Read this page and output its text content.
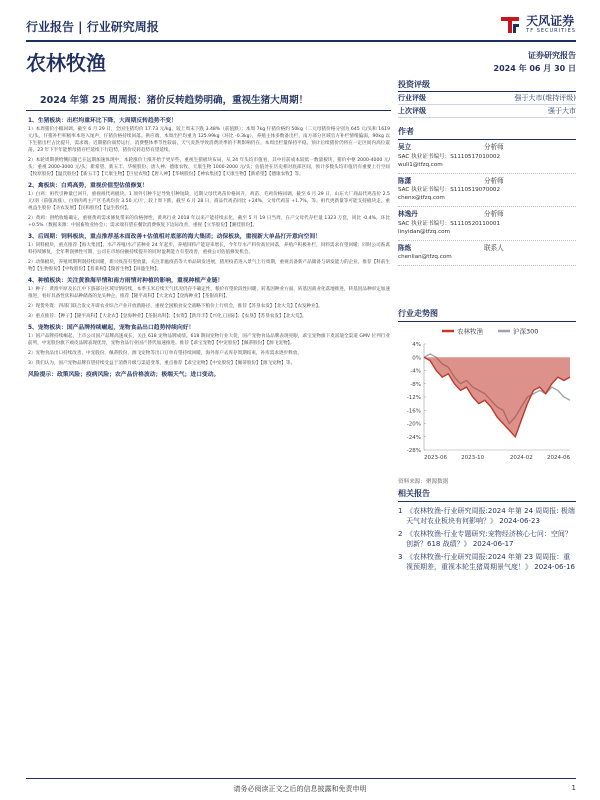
行业报告 | 行业研究周报	天风证券
TF SECURITIES
农林牧渔	证券研究报告
2024 年 06 月 30 日
2024 年第 25 周周报：猪价反转趋势明确，重视生猪大周期！
1、生猪板块：出栏均重环比下降，大周期反转趋势不变！
1）本周猪价小幅回调。截至 6 月 29 日，全国生猪均价 17.73 元/kg，较上周末下跌 3.48%（前值跌）；本周 7kg 仔猪价格约 50kg（二元母猪价格分别为 645 元/头和 1619 元/头，仔猪补栏积极率本进入尾声，仔猪价格持续回落。供应端，本周出栏均重为 125.99kg（环比 -0.3kg），养殖主体多数备出栏，南方部分区域官方补栏情绪偏弱，90kg 以下生猪出栏占比提升，需求端，近期猪价弱势运行，消费整体季节性较弱，天气炎热导致消费淡季的不利影响仍在。本周出栏量保持平稳。预计后续猪价仍将在一定区间内高位震荡，23 年下半年能繁母猪存栏延续下行趋势，猪价反转趋势有望延续。
2）本轮周期供给侧问题已在远期加速体现中，本轮涨价上涨开始于更早些，重视生猪板块布局，从 24 年头均市值看，其中目前成本较低一数量板块，猪价中枢 2000-4000 元/头；重视 2000-3000 元/头；新希望、新五丰、华统股份、唐人神、德康农牧、天康生物 1000-2000 元/头；估值处在历史相对底部区间，预计多数头均市值仍有重要上行空间【牧原股份】【温氏股份】【新五丰】【天康生物】【巨星农牧】【唐人神】【华统股份】【神农集团】【天康生物】【新希望】【德康农牧】等。
2、禽板块：白鸡高势，重视价值型估值修复！
1）白鸡：祖代引种量已回升，重视祖代鸡板块。1 项外引种不足导致引种短缺，近期父母代鸡苗价格回升，鸡苗、毛鸡价格回调，截至 6 月 29 日，山东大厂商品代鸡苗价 2.5 元/羽（前值高涨），白羽肉鸡主产区毛鸡均价 3.50 元/斤，较上周下跌，截至 6 月 28 日，商品代鸡苗同比 +24%，父母代鸡苗 +1.7%，等。祖代更新量等可能支持板块走，重视益生股份【圣农发展】【民和股份】【益生股份】。
2）黄鸡：供给收缩确定，重视黄鸡需求修复带来的价格弹性，黄鸡行业 2018 年以来产能持续去化，截至 5 月 19 日当周，在产父母代存栏量 1323 万套，同比 -0.4%，环比 +0.5%（数据来源：中国畜牧业协会）；需求端有望在餐饮消费恢复下边际改善，重视【立华股份】【湘佳股份】。
3、后周期：饲料板块，重点推荐基本面改善+估值相对底部的海大集团；动保板块，重视新大单品打开意向空间！
1）饲料板块，重点推荐【海大集团】，水产养殖/水产苗种业 24 年起步，养殖饲料产能迎来增长，今年年水产料价高位回落，养殖户积极补栏，饲料需求有望回暖；同时公司畜禽料持续修复，全年利润弹性可期，公司在市场份额持续提升的同时盈利能力有望改善，重视公司估值修复机会。
2）动保板块，养殖周期利润持续回暖，新兴疫苗有望放量，关注非瘟疫苗等大单品研发进展，猪用疫苗进入景气上行周期，重视具备新产品储备与研发能力的企业，推荐【科前生物】【生物股份】【中牧股份】【普莱柯】【瑞普生物】【回盛生物】。
4、种植板块：关注黄淮海早情和南方雨情对种植的影响，重视种植产业链！
1）种子：黄淮平原及长江中下游部分区域旱情持续，本季玉米后续天气状况仍存不确定性，粮价有望阶段性回暖，转基因种业方面，转基因商业化落地推进，转基因品种审定加速推进，看好具备性状和品种储备的龙头种企，推荐【隆平高科】【大北农】【登海种业】【荃银高科】。
2）现货外资：四部门联合发文开辟农业综合产业开放新路径，重视全国粮食安全战略下粮价上行机会，推荐【苏垦农发】【北大荒】【农发种业】。
3）重点推荐：【种子】【隆平高科】【大北农】【登海种业】【荃银高科】；【农资】【新洋丰】【兴化工国际】；【农垦】【苏垦农发】【北大荒】。
5、宠物板块：国产品牌持续崛起，宠物食品出口趋势持续向好！
1）国产品牌持续崛起，上市公司国产品牌高速成长，关注 618 宠物品牌成绩。618 期间宠物行业大促，国产宠物食品品牌表现亮眼，乖宝宠物旗下麦富迪全渠道 GMV 位列行业前列，中宠股份旗下顽皮品牌表现优异，宠物食品行业国产替代加速推进。推荐【乖宝宠物】【中宠股份】【佩蒂股份】【源飞宠物】。
2）宠物食品出口持续改善，中宠股份、佩蒂股份、源飞宠物等出口订单有望持续回暖，海外客户去库存周期结束，补库需求逐步释放。
3）我们认为，国产宠物品牌有望持续受益于消费升级与渠道变革，重点推荐【乖宝宠物】【中宠股份】【佩蒂股份】【源飞宠物】等。
风险提示：政策风险；疫病风险；农产品价格波动；极端天气；进口变动。
投资评级
行业评级	强于大市(维持评级)
上次评级	强于大市
作者
吴立	分析师
SAC 执业证书编号：S1110517010002
wuli1@tfzq.com
陈潇	分析师
SAC 执业证书编号：S1110519070002
chenx@tfzq.com
林逸丹	分析师
SAC 执业证书编号：S1110520110001
linyidan@tfzq.com
陈炼	联系人
chenlian@tfzq.com
行业走势图
农林牧渔	沪深300
4%
0%
-4%
-8%
-12%
-16%
-20%
-24%
-28%
2023-06	2023-10	2024-02	2024-06
资料来源：聚源数据
相关报告
1 《农林牧渔-行业研究周报:2024 年第 24 周周报: 极端天气对农业板块有何影响？》 2024-06-23
2 《农林牧渔-行业专题研究:宠物经济核心七问：空间？创新？618 战绩？》 2024-06-17
3 《农林牧渔-行业研究周报:2024 年第 23 周周报：重视预期差，重视本轮生猪周期景气度！》 2024-06-16
请务必阅读正文之后的信息披露和免责申明	1
